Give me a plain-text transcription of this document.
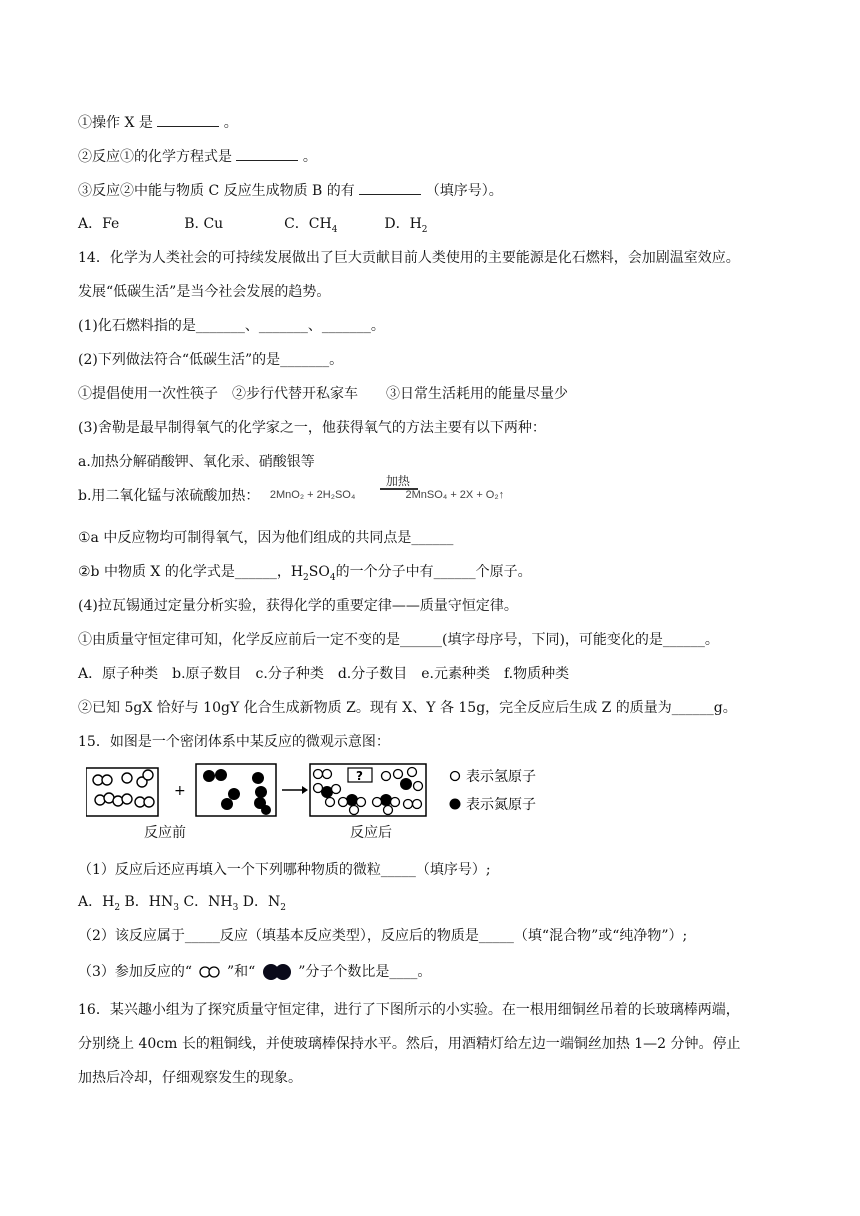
①操作 X 是	。
②反应①的化学方程式是	。
③反应②中能与物质 C 反应生成物质 B 的有	（填序号）。
A．Fe	B. Cu	C．$CH_4$	D．$H_2$
14．化学为人类社会的可持续发展做出了巨大贡献目前人类使用的主要能源是化石燃料，会加剧温室效应。
发展“低碳生活”是当今社会发展的趋势。
(1)化石燃料指的是_______、_______、_______。
(2)下列做法符合“低碳生活”的是_______。
①提倡使用一次性筷子　②步行代替开私家车　　③日常生活耗用的能量尽量少
(3)舍勒是最早制得氧气的化学家之一，他获得氧气的方法主要有以下两种：
a.加热分解硝酸钾、氧化汞、硝酸银等
b.用二氧化锰与浓硫酸加热： 2MnO₂ + 2H₂SO₄
加热
2MnSO₄ + 2X + O₂↑
①a 中反应物均可制得氧气，因为他们组成的共同点是______
②b 中物质 X 的化学式是______，$H_2SO_4$的一个分子中有______个原子。
(4)拉瓦锡通过定量分析实验，获得化学的重要定律——质量守恒定律。
①由质量守恒定律可知，化学反应前后一定不变的是______(填字母序号，下同)，可能变化的是______。
A．原子种类　b.原子数目　c.分子种类　d.分子数目　e.元素种类　f.物质种类
②已知 5gX 恰好与 10gY 化合生成新物质 Z。现有 X、Y 各 15g，完全反应后生成 Z 的质量为______g。
15．如图是一个密闭体系中某反应的微观示意图：
+
?	表示氢原子
表示氮原子
反应前	反应后
（1）反应后还应再填入一个下列哪种物质的微粒_____（填序号）;
A．$H_2$ B．$HN_3$ C．$NH_3$ D．$N_2$
（2）该反应属于_____反应（填基本反应类型），反应后的物质是_____（填“混合物”或“纯净物”）;
（3）参加反应的“ ”和“	”分子个数比是____。
16．某兴趣小组为了探究质量守恒定律，进行了下图所示的小实验。在一根用细铜丝吊着的长玻璃棒两端，
分别绕上 40cm 长的粗铜线，并使玻璃棒保持水平。然后，用酒精灯给左边一端铜丝加热 1—2 分钟。停止
加热后冷却，仔细观察发生的现象。
